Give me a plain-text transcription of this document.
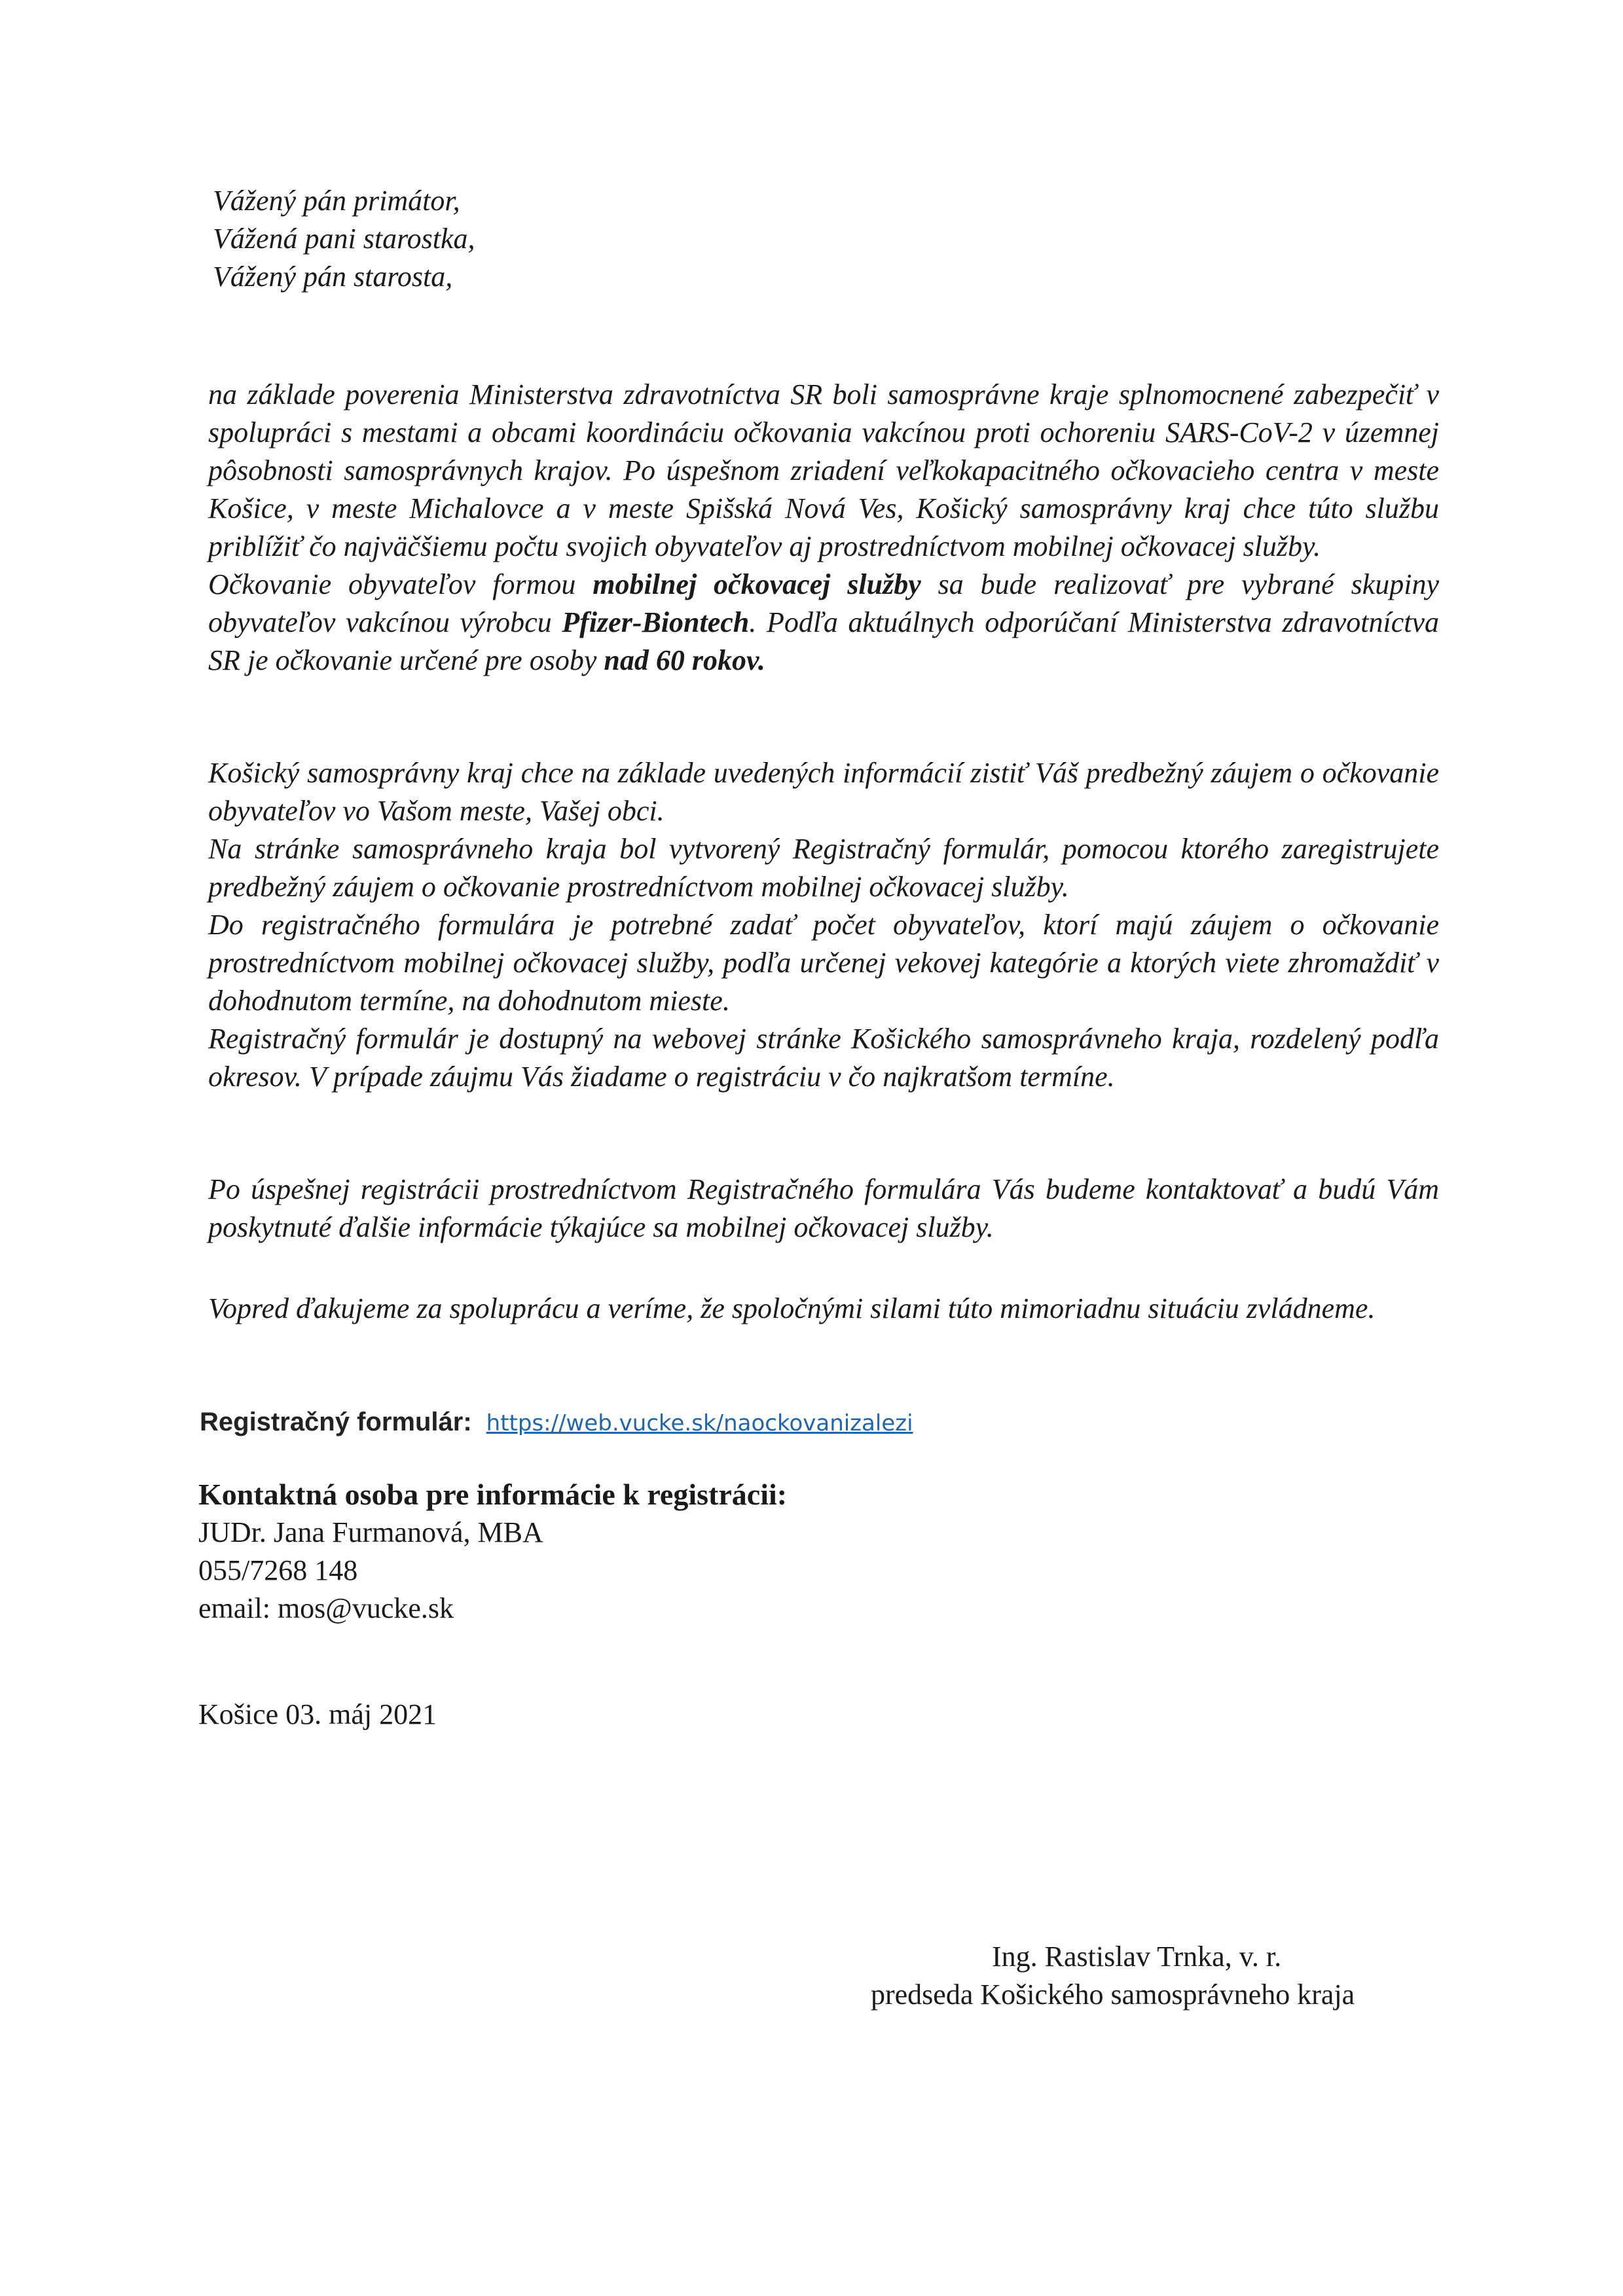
Vážený pán primátor,
Vážená pani starostka,
Vážený pán starosta,

na základe poverenia Ministerstva zdravotníctva SR boli samosprávne kraje splnomocnené zabezpečiť v spolupráci s mestami a obcami koordináciu očkovania vakcínou proti ochoreniu SARS-CoV-2 v územnej pôsobnosti samosprávnych krajov. Po úspešnom zriadení veľkokapacitného očkovacieho centra v meste Košice, v meste Michalovce a v meste Spišská Nová Ves, Košický samosprávny kraj chce túto službu priblížiť čo najväčšiemu počtu svojich obyvateľov aj prostredníctvom mobilnej očkovacej služby.

Očkovanie obyvateľov formou mobilnej očkovacej služby sa bude realizovať pre vybrané skupiny obyvateľov vakcínou výrobcu Pfizer-Biontech. Podľa aktuálnych odporúčaní Ministerstva zdravotníctva SR je očkovanie určené pre osoby nad 60 rokov.

Košický samosprávny kraj chce na základe uvedených informácií zistiť Váš predbežný záujem o očkovanie obyvateľov vo Vašom meste, Vašej obci.

Na stránke samosprávneho kraja bol vytvorený Registračný formulár, pomocou ktorého zaregistrujete predbežný záujem o očkovanie prostredníctvom mobilnej očkovacej služby.

Do registračného formulára je potrebné zadať počet obyvateľov, ktorí majú záujem o očkovanie prostredníctvom mobilnej očkovacej služby, podľa určenej vekovej kategórie a ktorých viete zhromaždiť v dohodnutom termíne, na dohodnutom mieste.

Registračný formulár je dostupný na webovej stránke Košického samosprávneho kraja, rozdelený podľa okresov. V prípade záujmu Vás žiadame o registráciu v čo najkratšom termíne.

Po úspešnej registrácii prostredníctvom Registračného formulára Vás budeme kontaktovať a budú Vám poskytnuté ďalšie informácie týkajúce sa mobilnej očkovacej služby.

Vopred ďakujeme za spoluprácu a veríme, že spoločnými silami túto mimoriadnu situáciu zvládneme.

Registračný formulár: https://web.vucke.sk/naockovanizalezi
Kontaktná osoba pre informácie k registrácii:
JUDr. Jana Furmanová, MBA
055/7268 148
email: mos@vucke.sk
Košice 03. máj 2021
Ing. Rastislav Trnka, v. r.
predseda Košického samosprávneho kraja
